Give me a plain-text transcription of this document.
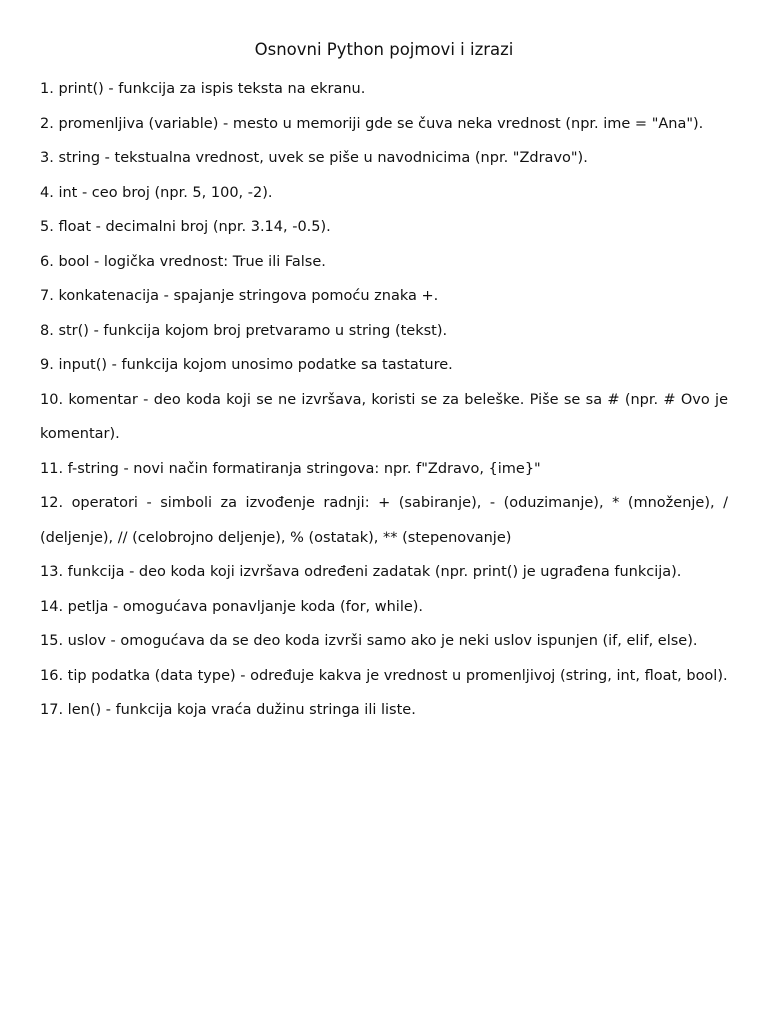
Osnovni Python pojmovi i izrazi
1. print() - funkcija za ispis teksta na ekranu.
2. promenljiva (variable) - mesto u memoriji gde se čuva neka vrednost (npr. ime = "Ana").
3. string - tekstualna vrednost, uvek se piše u navodnicima (npr. "Zdravo").
4. int - ceo broj (npr. 5, 100, -2).
5. float - decimalni broj (npr. 3.14, -0.5).
6. bool - logička vrednost: True ili False.
7. konkatenacija - spajanje stringova pomoću znaka +.
8. str() - funkcija kojom broj pretvaramo u string (tekst).
9. input() - funkcija kojom unosimo podatke sa tastature.
10. komentar - deo koda koji se ne izvršava, koristi se za beleške. Piše se sa # (npr. # Ovo je komentar).
11. f-string - novi način formatiranja stringova: npr. f"Zdravo, {ime}"
12. operatori - simboli za izvođenje radnji: + (sabiranje), - (oduzimanje), * (množenje), / (deljenje), // (celobrojno deljenje), % (ostatak), ** (stepenovanje)
13. funkcija - deo koda koji izvršava određeni zadatak (npr. print() je ugrađena funkcija).
14. petlja - omogućava ponavljanje koda (for, while).
15. uslov - omogućava da se deo koda izvrši samo ako je neki uslov ispunjen (if, elif, else).
16. tip podatka (data type) - određuje kakva je vrednost u promenljivoj (string, int, float, bool).
17. len() - funkcija koja vraća dužinu stringa ili liste.
